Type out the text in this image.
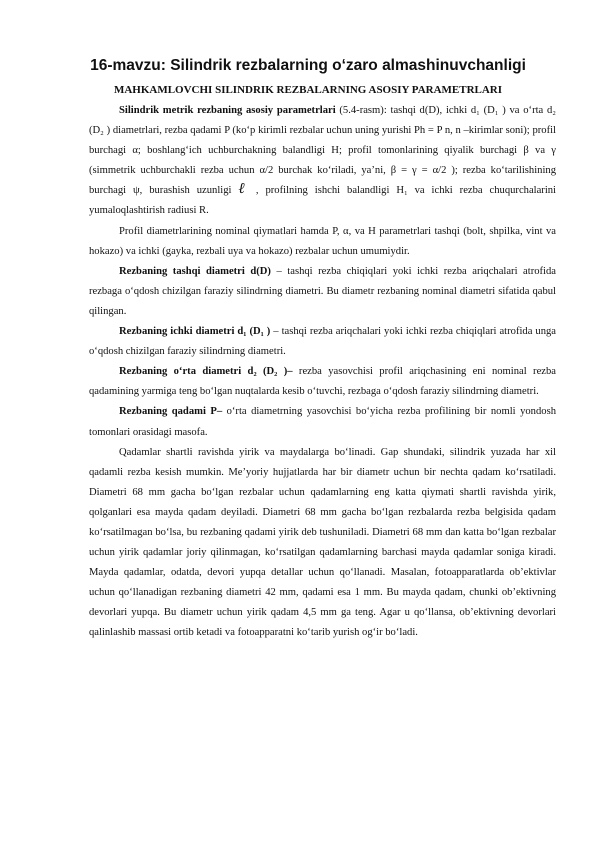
16-mavzu: Silindrik rezbalarning o‘zaro almashinuvchanligi
MAHKAMLOVCHI SILINDRIK REZBALARNING ASOSIY PARAMETRLARI

Silindrik metrik rezbaning asosiy parametrlari (5.4-rasm): tashqi d(D), ichki d₁ (D₁ ) va o‘rta d₂ (D₂ ) diametrlari, rezba qadami P (ko‘p kirimli rezbalar uchun uning yurishi Ph = P n, n –kirimlar soni); profil burchagi α; boshlang‘ich uchburchakning balandligi H; profil tomonlarining qiyalik burchagi β va γ (simmetrik uchburchakli rezba uchun α/2 burchak ko‘riladi, ya’ni, β = γ = α/2 ); rezba ko‘tarilishining burchagi ψ, burashish uzunligi ℓ , profilning ishchi balandligi H₁ va ichki rezba chuqurchalarini yumaloqlashtirish radiusi R.

Profil diametrlarining nominal qiymatlari hamda P, α, va H parametrlari tashqi (bolt, shpilka, vint va hokazo) va ichki (gayka, rezbali uya va hokazo) rezbalar uchun umumiydir.

Rezbaning tashqi diametri d(D) – tashqi rezba chiqiqlari yoki ichki rezba ariqchalari atrofida rezbaga o‘qdosh chizilgan faraziy silindrning diametri. Bu diametr rezbaning nominal diametri sifatida qabul qilingan.

Rezbaning ichki diametri d₁ (D₁ ) – tashqi rezba ariqchalari yoki ichki rezba chiqiqlari atrofida unga o‘qdosh chizilgan faraziy silindrning diametri.

Rezbaning o‘rta diametri d₂ (D₂ )– rezba yasovchisi profil ariqchasining eni nominal rezba qadamining yarmiga teng bo‘lgan nuqtalarda kesib o‘tuvchi, rezbaga o‘qdosh faraziy silindrning diametri.

Rezbaning qadami P– o‘rta diametrning yasovchisi bo‘yicha rezba profilining bir nomli yondosh tomonlari orasidagi masofa.

Qadamlar shartli ravishda yirik va maydalarga bo‘linadi. Gap shundaki, silindrik yuzada har xil qadamli rezba kesish mumkin. Me’yoriy hujjatlarda har bir diametr uchun bir nechta qadam ko‘rsatiladi. Diametri 68 mm gacha bo‘lgan rezbalar uchun qadamlarning eng katta qiymati shartli ravishda yirik, qolganlari esa mayda qadam deyiladi. Diametri 68 mm gacha bo‘lgan rezbalarda rezba belgisida qadam ko‘rsatilmagan bo‘lsa, bu rezbaning qadami yirik deb tushuniladi. Diametri 68 mm dan katta bo‘lgan rezbalar uchun yirik qadamlar joriy qilinmagan, ko‘rsatilgan qadamlarning barchasi mayda qadamlar soniga kiradi. Mayda qadamlar, odatda, devori yupqa detallar uchun qo‘llanadi. Masalan, fotoapparatlarda ob’ektivlar uchun qo‘llanadigan rezbaning diametri 42 mm, qadami esa 1 mm. Bu mayda qadam, chunki ob’ektivning devorlari yupqa. Bu diametr uchun yirik qadam 4,5 mm ga teng. Agar u qo‘llansa, ob’ektivning devorlari qalinlashib massasi ortib ketadi va fotoapparatni ko‘tarib yurish og‘ir bo‘ladi.
